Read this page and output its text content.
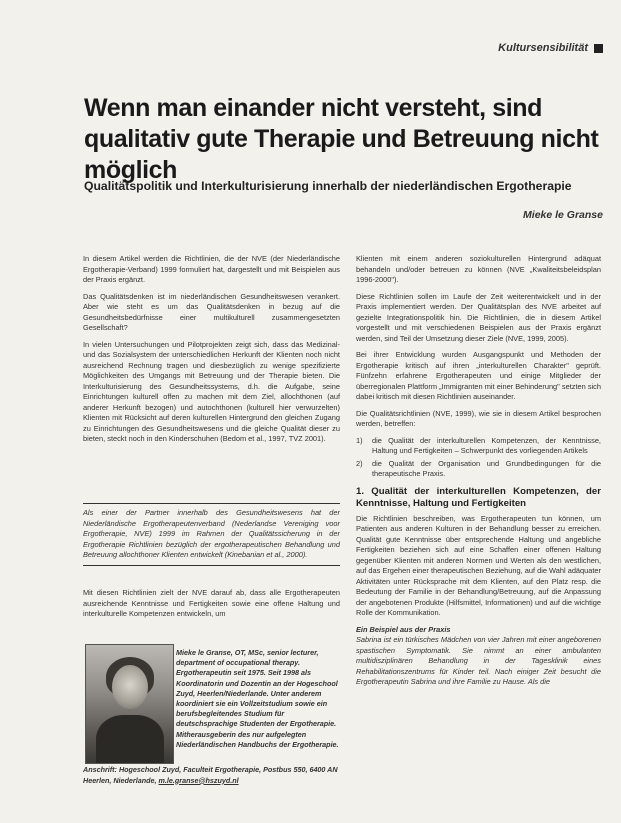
Kultursensibilität
Wenn man einander nicht versteht, sind qualitativ gute Therapie und Betreuung nicht möglich
Qualitätspolitik und Interkulturisierung innerhalb der niederländischen Ergotherapie
Mieke le Granse

In diesem Artikel werden die Richtlinien, die der NVE (der Niederländische Ergotherapie-Verband) 1999 formuliert hat, dargestellt und mit Beispielen aus der Praxis ergänzt.

Das Qualitätsdenken ist im niederländischen Gesundheitswesen verankert. Aber wie steht es um das Qualitätsdenken in bezug auf die Gesundheitsbedürfnisse einer multikulturell zusammengesetzten Gesellschaft?

In vielen Untersuchungen und Pilotprojekten zeigt sich, dass das Medizinal- und das Sozialsystem der unterschiedlichen Herkunft der Klienten noch nicht ausreichend Rechnung tragen und diesbezüglich zu wenige spezifizierte Möglichkeiten des Umgangs mit Betreuung und der Therapie bieten. Die Interkulturisierung des Gesundheitssystems, d.h. die Aufgabe, seine Einrichtungen kulturell offen zu machen mit dem Ziel, allochthonen (auf anderer Herkunft bezogen) und autochthonen (kulturell hier verwurzelten) Klienten mit Rücksicht auf deren kulturellen Hintergrund den gleichen Zugang zu Einrichtungen des Gesundheitswesens und die gleiche Qualität dieser zu bieten, steckt noch in den Kinderschuhen (Bedom et al., 1997, TVZ 2001).

Als einer der Partner innerhalb des Gesundheitswesens hat der Niederländische Ergotherapeutenverband (Nederlandse Vereniging voor Ergotherapie, NVE) 1999 im Rahmen der Qualitätssicherung in der Ergotherapie Richtlinien bezüglich der ergotherapeutischen Behandlung und Betreuung allochthoner Klienten entwickelt (Kinebanian et al., 2000).

Mit diesen Richtlinien zielt der NVE darauf ab, dass alle Ergotherapeuten ausreichende Kenntnisse und Fertigkeiten sowie eine offene Haltung und interkulturelle Kompetenzen entwickeln, um

Mieke le Granse, OT, MSc, senior lecturer, department of occupational therapy. Ergotherapeutin seit 1975. Seit 1998 als Koordinatorin und Dozentin an der Hogeschool Zuyd, Heerlen/Niederlande. Unter anderem koordiniert sie ein Vollzeitstudium sowie ein berufsbegleitendes Studium für deutschsprachige Studenten der Ergotherapie. Mitherausgeberin des nur aufgelegten Niederländischen Handbuchs der Ergotherapie.
Anschrift: Hogeschool Zuyd, Faculteit Ergotherapie, Postbus 550, 6400 AN Heerlen, Niederlande, m.le.granse@hszuyd.nl

Klienten mit einem anderen soziokulturellen Hintergrund adäquat behandeln und/oder betreuen zu können (NVE „Kwaliteitsbeleidsplan 1996-2000").

Diese Richtlinien sollen im Laufe der Zeit weiterentwickelt und in der Praxis implementiert werden. Der Qualitätsplan des NVE arbeitet auf gezielte Integrationspolitik hin. Die Richtlinien, die in diesem Artikel vorgestellt und mit verschiedenen Beispielen aus der Praxis ergänzt werden, sind Teil der Umsetzung dieser Ziele (NVE, 1999, 2005).

Bei ihrer Entwicklung wurden Ausgangspunkt und Methoden der Ergotherapie kritisch auf ihren „interkulturellen Charakter" geprüft. Fünfzehn erfahrene Ergotherapeuten und einige Mitglieder der überregionalen Plattform „Immigranten mit einer Behinderung" setzten sich dabei kritisch mit diesen Richtlinien auseinander.

Die Qualitätsrichtlinien (NVE, 1999), wie sie in diesem Artikel besprochen werden, betreffen:

1)	die Qualität der interkulturellen Kompetenzen, der Kenntnisse, Haltung und Fertigkeiten – Schwerpunkt des vorliegenden Artikels
2)	die Qualität der Organisation und Grundbedingungen für die therapeutische Praxis.
1. Qualität der interkulturellen Kompetenzen, der Kenntnisse, Haltung und Fertigkeiten

Die Richtlinien beschreiben, was Ergotherapeuten tun können, um Patienten aus anderen Kulturen in der Behandlung besser zu erreichen. Qualität gute Kenntnisse über entsprechende Haltung und angebliche Fertigkeiten beziehen sich auf eine Schaffen einer offenen Haltung gegenüber Klienten mit anderen Normen und Werten als den westlichen, auf das Ergehen einer therapeutischen Beziehung, auf die Wahl adäquater Aktivitäten unter Rücksprache mit dem Klienten, auf den Platz resp. die Bedeutung der Familie in der Behandlung/Betreuung, auf die Anpassung der angebotenen Produkte (Hilfsmittel, Informationen) und auf die wichtige Rolle der Kommunikation.

Ein Beispiel aus der Praxis

Sabrina ist ein türkisches Mädchen von vier Jahren mit einer angeborenen spastischen Symptomatik. Sie nimmt an einer ambulanten multidisziplinären Behandlung in der Tagesklinik eines Rehabilitationszentrums für Kinder teil. Nach einiger Zeit besucht die Ergotherapeutin Sabrina und ihre Familie zu Hause. Als die
